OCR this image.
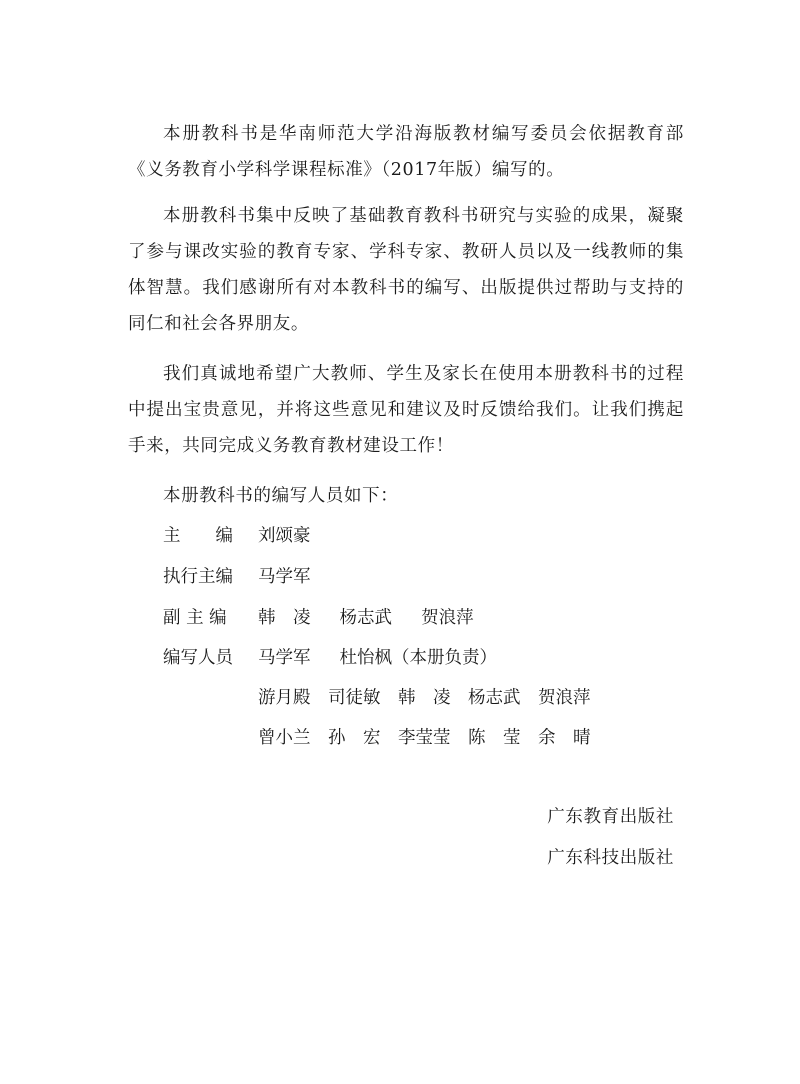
本册教科书是华南师范大学沿海版教材编写委员会依据教育部《义务教育小学科学课程标准》（2017年版）编写的。

本册教科书集中反映了基础教育教科书研究与实验的成果，凝聚了参与课改实验的教育专家、学科专家、教研人员以及一线教师的集体智慧。我们感谢所有对本教科书的编写、出版提供过帮助与支持的同仁和社会各界朋友。

我们真诚地希望广大教师、学生及家长在使用本册教科书的过程中提出宝贵意见，并将这些意见和建议及时反馈给我们。让我们携起手来，共同完成义务教育教材建设工作！

本册教科书的编写人员如下：
主　　编 刘颂豪
执行主编 马学军
副 主 编 韩　凌　 杨志武　 贺浪萍
编写人员 马学军　 杜怡枫（本册负责）
游月殿　司徒敏　韩　凌　杨志武　贺浪萍
曾小兰　孙　宏　李莹莹　陈　莹　余　晴
广东教育出版社
广东科技出版社
